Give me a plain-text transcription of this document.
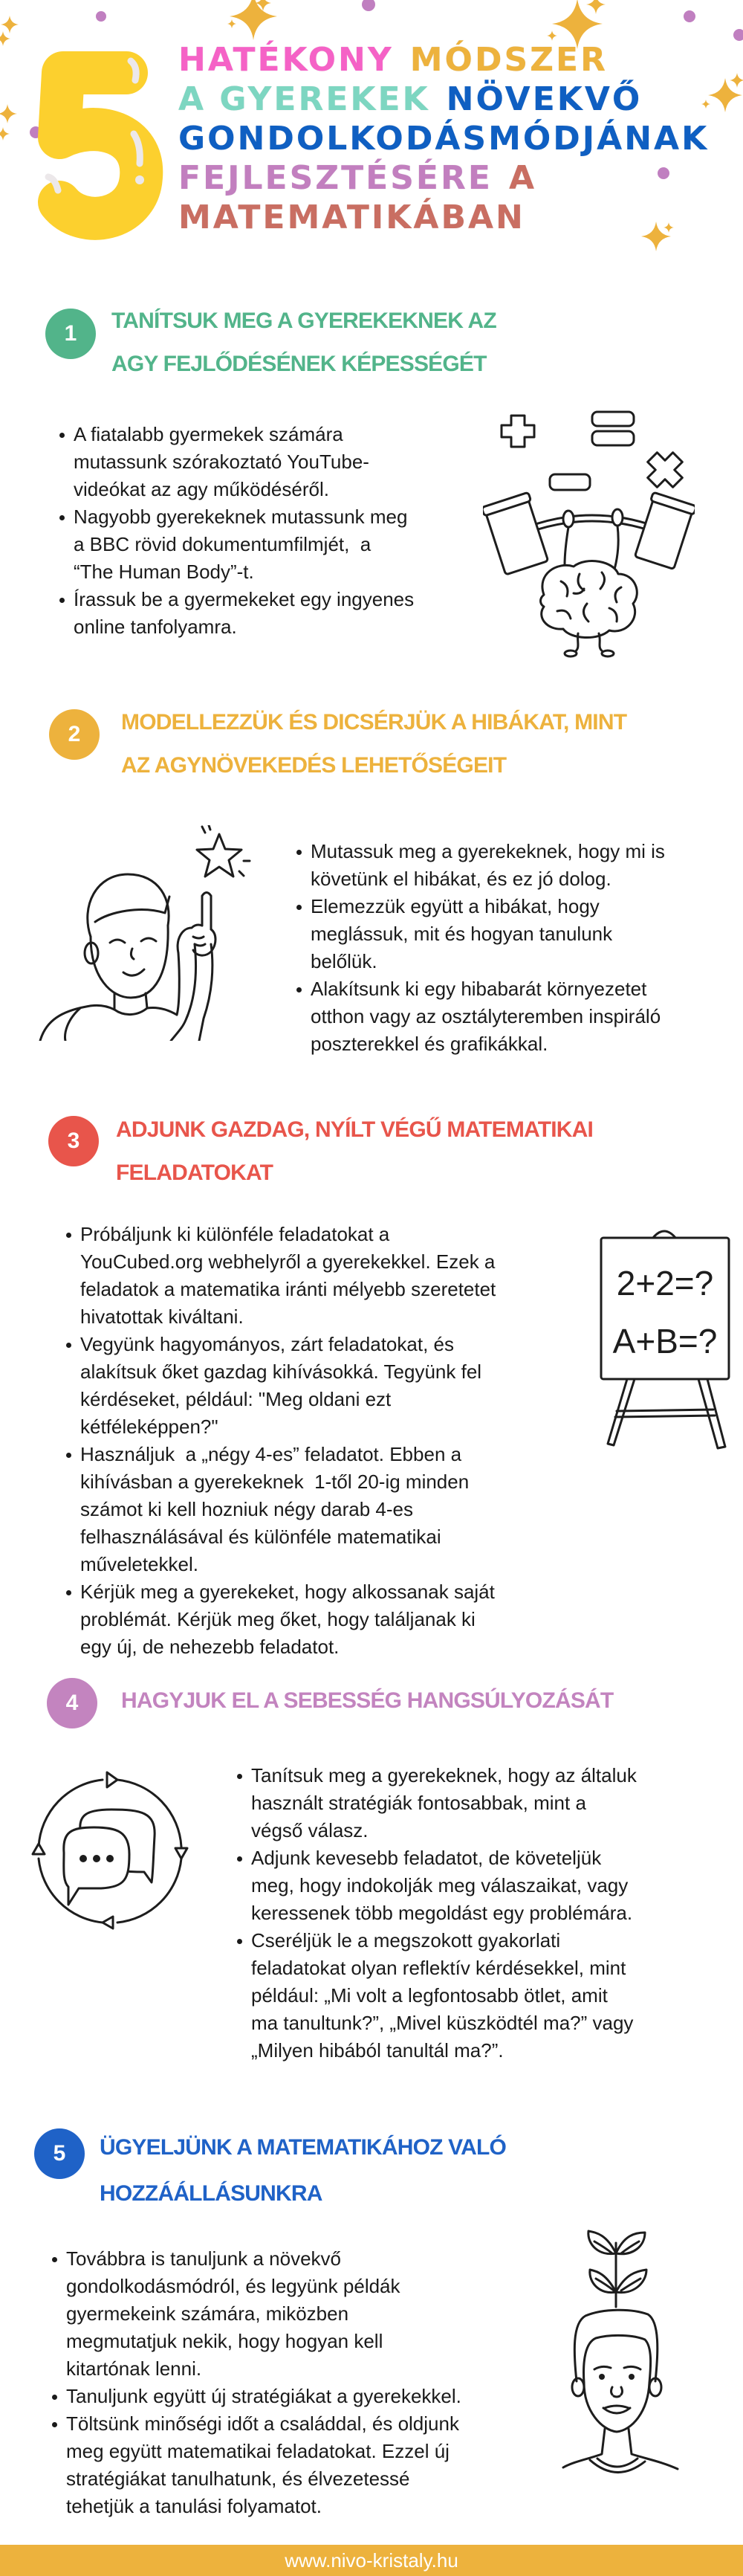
HATÉKONY MÓDSZER
A GYEREKEK NÖVEKVŐ
GONDOLKODÁSMÓDJÁNAK
FEJLESZTÉSÉRE A
MATEMATIKÁBAN
1
TANÍTSUK MEG A GYEREKEKNEK AZ
AGY FEJLŐDÉSÉNEK KÉPESSÉGÉT
A fiatalabb gyermekek számára
mutassunk szórakoztató YouTube-
videókat az agy működéséről.
Nagyobb gyerekeknek mutassunk meg
a BBC rövid dokumentumfilmjét,  a
“The Human Body”-t.
Írassuk be a gyermekeket egy ingyenes
online tanfolyamra.
2	MODELLEZZÜK ÉS DICSÉRJÜK A HIBÁKAT, MINT
AZ AGYNÖVEKEDÉS LEHETŐSÉGEIT
Mutassuk meg a gyerekeknek, hogy mi is
követünk el hibákat, és ez jó dolog.
Elemezzük együtt a hibákat, hogy
meglássuk, mit és hogyan tanulunk
belőlük.
Alakítsunk ki egy hibabarát környezetet
otthon vagy az osztályteremben inspiráló
poszterekkel és grafikákkal.
3	ADJUNK GAZDAG, NYÍLT VÉGŰ MATEMATIKAI
FELADATOKAT
Próbáljunk ki különféle feladatokat a
YouCubed.org webhelyről a gyerekekkel. Ezek a
feladatok a matematika iránti mélyebb szeretetet
hivatottak kiváltani.
Vegyünk hagyományos, zárt feladatokat, és
alakítsuk őket gazdag kihívásokká. Tegyünk fel
kérdéseket, például: "Meg oldani ezt
kétféleképpen?"
Használjuk  a „négy 4-es” feladatot. Ebben a
kihívásban a gyerekeknek  1-től 20-ig minden
számot ki kell hozniuk négy darab 4-es
felhasználásával és különféle matematikai
műveletekkel.
Kérjük meg a gyerekeket, hogy alkossanak saját
problémát. Kérjük meg őket, hogy találjanak ki
egy új, de nehezebb feladatot.
2+2=?
A+B=?
4	HAGYJUK EL A SEBESSÉG HANGSÚLYOZÁSÁT
Tanítsuk meg a gyerekeknek, hogy az általuk
használt stratégiák fontosabbak, mint a
végső válasz.
Adjunk kevesebb feladatot, de követeljük
meg, hogy indokolják meg válaszaikat, vagy
keressenek több megoldást egy problémára.
Cseréljük le a megszokott gyakorlati
feladatokat olyan reflektív kérdésekkel, mint
például: „Mi volt a legfontosabb ötlet, amit
ma tanultunk?”, „Mivel küszködtél ma?” vagy
„Milyen hibából tanultál ma?”.
5	ÜGYELJÜNK A MATEMATIKÁHOZ VALÓ
HOZZÁÁLLÁSUNKRA
Továbbra is tanuljunk a növekvő
gondolkodásmódról, és legyünk példák
gyermekeink számára, miközben
megmutatjuk nekik, hogy hogyan kell
kitartónak lenni.
Tanuljunk együtt új stratégiákat a gyerekekkel.
Töltsünk minőségi időt a családdal, és oldjunk
meg együtt matematikai feladatokat. Ezzel új
stratégiákat tanulhatunk, és élvezetessé
tehetjük a tanulási folyamatot.
www.nivo-kristaly.hu
